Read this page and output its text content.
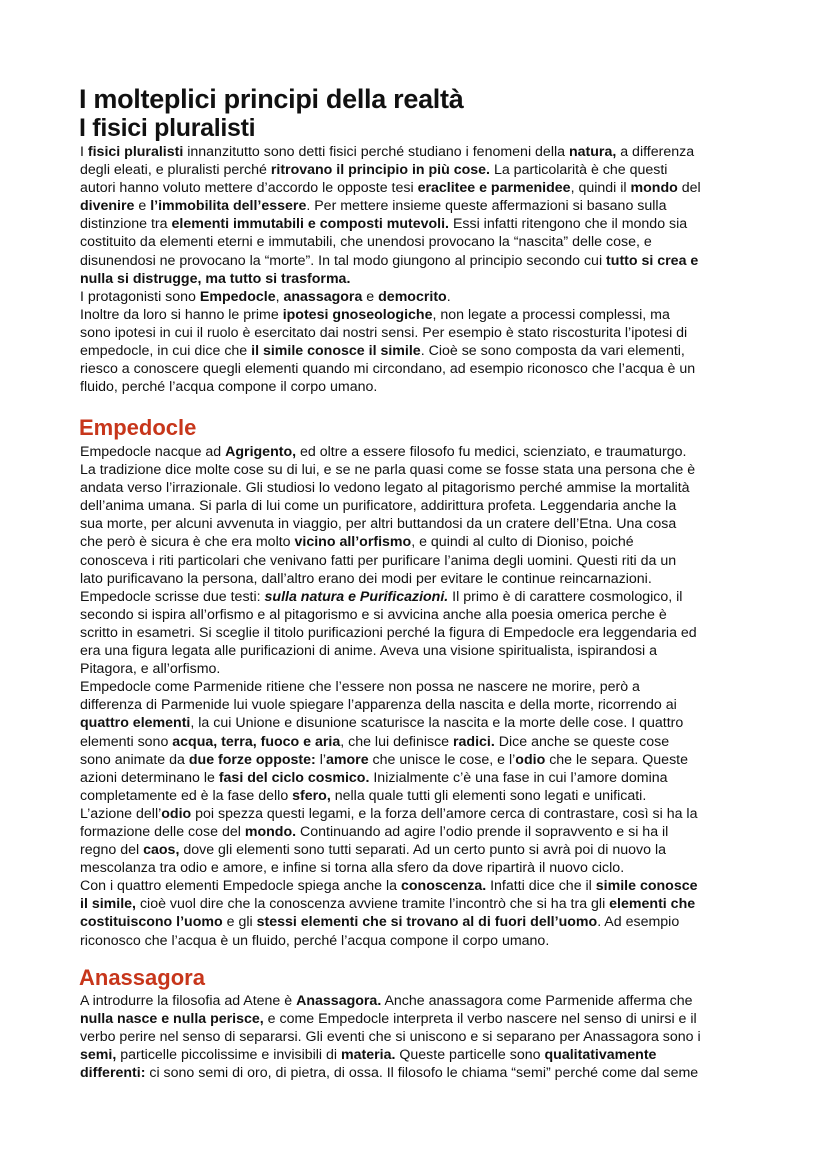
I molteplici principi della realtà
I fisici pluralisti
I fisici pluralisti innanzitutto sono detti fisici perché studiano i fenomeni della natura, a differenza
degli eleati, e pluralisti perché ritrovano il principio in più cose. La particolarità è che questi
autori hanno voluto mettere d’accordo le opposte tesi eraclitee e parmenidee, quindi il mondo del
divenire e l’immobilita dell’essere. Per mettere insieme queste affermazioni si basano sulla
distinzione tra elementi immutabili e composti mutevoli. Essi infatti ritengono che il mondo sia
costituito da elementi eterni e immutabili, che unendosi provocano la “nascita” delle cose, e
disunendosi ne provocano la “morte”. In tal modo giungono al principio secondo cui tutto si crea e
nulla si distrugge, ma tutto si trasforma.
I protagonisti sono Empedocle, anassagora e democrito.
Inoltre da loro si hanno le prime ipotesi gnoseologiche, non legate a processi complessi, ma
sono ipotesi in cui il ruolo è esercitato dai nostri sensi. Per esempio è stato riscosturita l’ipotesi di
empedocle, in cui dice che il simile conosce il simile. Cioè se sono composta da vari elementi,
riesco a conoscere quegli elementi quando mi circondano, ad esempio riconosco che l’acqua è un
fluido, perché l’acqua compone il corpo umano.
Empedocle
Empedocle nacque ad Agrigento, ed oltre a essere filosofo fu medici, scienziato, e traumaturgo.
La tradizione dice molte cose su di lui, e se ne parla quasi come se fosse stata una persona che è
andata verso l’irrazionale. Gli studiosi lo vedono legato al pitagorismo perché ammise la mortalità
dell’anima umana. Si parla di lui come un purificatore, addirittura profeta. Leggendaria anche la
sua morte, per alcuni avvenuta in viaggio, per altri buttandosi da un cratere dell’Etna. Una cosa
che però è sicura è che era molto vicino all’orfismo, e quindi al culto di Dioniso, poiché
conosceva i riti particolari che venivano fatti per purificare l’anima degli uomini. Questi riti da un
lato purificavano la persona, dall’altro erano dei modi per evitare le continue reincarnazioni.
Empedocle scrisse due testi: sulla natura e Purificazioni. Il primo è di carattere cosmologico, il
secondo si ispira all’orfismo e al pitagorismo e si avvicina anche alla poesia omerica perche è
scritto in esametri. Si sceglie il titolo purificazioni perché la figura di Empedocle era leggendaria ed
era una figura legata alle purificazioni di anime. Aveva una visione spiritualista, ispirandosi a
Pitagora, e all’orfismo.
Empedocle come Parmenide ritiene che l’essere non possa ne nascere ne morire, però a
differenza di Parmenide lui vuole spiegare l’apparenza della nascita e della morte, ricorrendo ai
quattro elementi, la cui Unione e disunione scaturisce la nascita e la morte delle cose. I quattro
elementi sono acqua, terra, fuoco e aria, che lui definisce radici. Dice anche se queste cose
sono animate da due forze opposte: l’amore che unisce le cose, e l’odio che le separa. Queste
azioni determinano le fasi del ciclo cosmico. Inizialmente c’è una fase in cui l’amore domina
completamente ed è la fase dello sfero, nella quale tutti gli elementi sono legati e unificati.
L’azione dell’odio poi spezza questi legami, e la forza dell’amore cerca di contrastare, così si ha la
formazione delle cose del mondo. Continuando ad agire l’odio prende il sopravvento e si ha il
regno del caos, dove gli elementi sono tutti separati. Ad un certo punto si avrà poi di nuovo la
mescolanza tra odio e amore, e infine si torna alla sfero da dove ripartirà il nuovo ciclo.
Con i quattro elementi Empedocle spiega anche la conoscenza. Infatti dice che il simile conosce
il simile, cioè vuol dire che la conoscenza avviene tramite l’incontrò che si ha tra gli elementi che
costituiscono l’uomo e gli stessi elementi che si trovano al di fuori dell’uomo. Ad esempio
riconosco che l’acqua è un fluido, perché l’acqua compone il corpo umano.
Anassagora
A introdurre la filosofia ad Atene è Anassagora. Anche anassagora come Parmenide afferma che
nulla nasce e nulla perisce, e come Empedocle interpreta il verbo nascere nel senso di unirsi e il
verbo perire nel senso di separarsi. Gli eventi che si uniscono e si separano per Anassagora sono i
semi, particelle piccolissime e invisibili di materia. Queste particelle sono qualitativamente
differenti: ci sono semi di oro, di pietra, di ossa. Il filosofo le chiama “semi” perché come dal seme
